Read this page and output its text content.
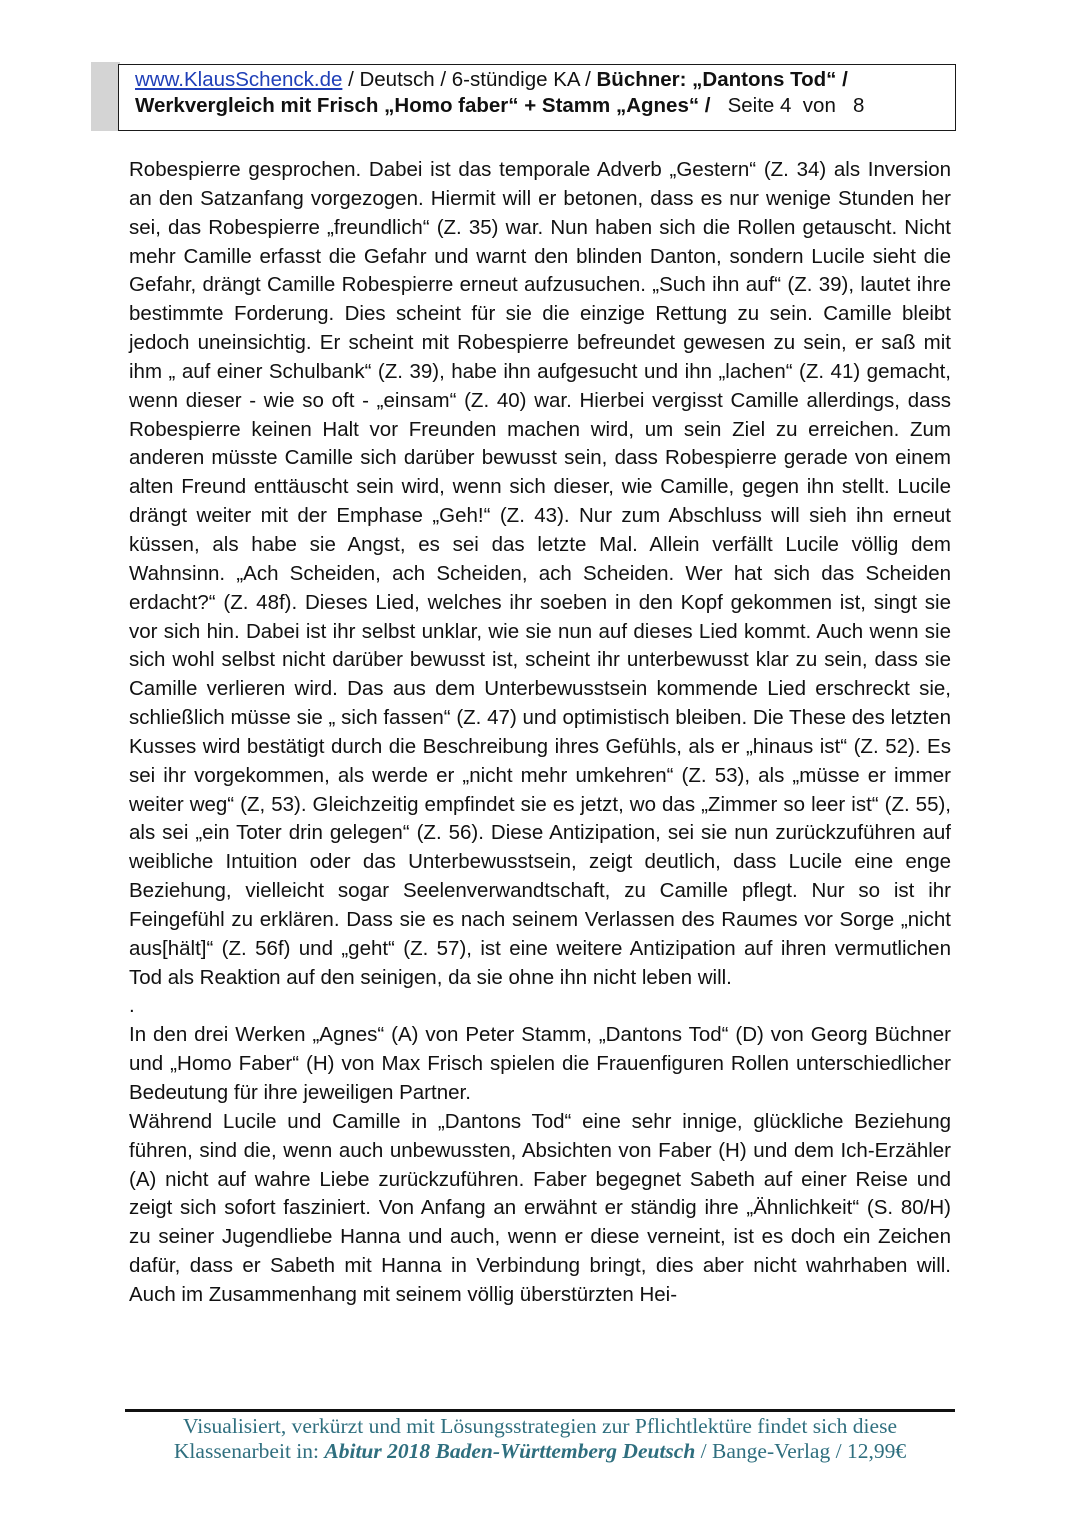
www.KlausSchenck.de / Deutsch / 6-stündige KA / Büchner: „Dantons Tod“ /
Werkvergleich mit Frisch „Homo faber“ + Stamm „Agnes“ /   Seite 4  von   8

Robespierre gesprochen. Dabei ist das temporale Adverb „Gestern“ (Z. 34) als Inversion an den Satzanfang vorgezogen. Hiermit will er betonen, dass es nur wenige Stunden her sei, das Robespierre „freundlich“ (Z. 35) war. Nun haben sich die Rollen getauscht. Nicht mehr Camille erfasst die Gefahr und warnt den blinden Danton, sondern Lucile sieht die Gefahr, drängt Camille Robespierre erneut aufzusuchen. „Such ihn auf“ (Z. 39), lautet ihre bestimmte Forderung. Dies scheint für sie die einzige Rettung zu sein. Camille bleibt jedoch uneinsichtig. Er scheint mit Robespierre befreundet gewesen zu sein, er saß mit ihm „ auf einer Schulbank“ (Z. 39), habe ihn aufgesucht und ihn „lachen“ (Z. 41) gemacht, wenn dieser - wie so oft - „einsam“ (Z. 40) war. Hierbei vergisst Camille allerdings, dass Robespierre keinen Halt vor Freunden machen wird, um sein Ziel zu erreichen. Zum anderen müsste Camille sich darüber bewusst sein, dass Robespierre gerade von einem alten Freund enttäuscht sein wird, wenn sich dieser, wie Camille, gegen ihn stellt. Lucile drängt weiter mit der Emphase „Geh!“ (Z. 43). Nur zum Abschluss will sieh ihn erneut küssen, als habe sie Angst, es sei das letzte Mal. Allein verfällt Lucile völlig dem Wahnsinn. „Ach Scheiden, ach Scheiden, ach Scheiden. Wer hat sich das Scheiden erdacht?“ (Z. 48f). Dieses Lied, welches ihr soeben in den Kopf gekommen ist, singt sie vor sich hin. Dabei ist ihr selbst unklar, wie sie nun auf dieses Lied kommt. Auch wenn sie sich wohl selbst nicht darüber bewusst ist, scheint ihr unterbewusst klar zu sein, dass sie Camille verlieren wird. Das aus dem Unterbewusstsein kommende Lied erschreckt sie, schließlich müsse sie „ sich fassen“ (Z. 47) und optimistisch bleiben. Die These des letzten Kusses wird bestätigt durch die Beschreibung ihres Gefühls, als er „hinaus ist“ (Z. 52). Es sei ihr vorgekommen, als werde er „nicht mehr umkehren“ (Z. 53), als „müsse er immer weiter weg“ (Z, 53). Gleichzeitig empfindet sie es jetzt, wo das „Zimmer so leer ist“ (Z. 55), als sei „ein Toter drin gelegen“ (Z. 56). Diese Antizipation, sei sie nun zurückzuführen auf weibliche Intuition oder das Unterbewusstsein, zeigt deutlich, dass Lucile eine enge Beziehung, vielleicht sogar Seelenverwandtschaft, zu Camille pflegt. Nur so ist ihr Feingefühl zu erklären. Dass sie es nach seinem Verlassen des Raumes vor Sorge „nicht aus[hält]“ (Z. 56f) und „geht“ (Z. 57), ist eine weitere Antizipation auf ihren vermutlichen Tod als Reaktion auf den seinigen, da sie ohne ihn nicht leben will.

.

In den drei Werken „Agnes“ (A) von Peter Stamm, „Dantons Tod“ (D) von Georg Büchner und „Homo Faber“ (H) von Max Frisch spielen die Frauenfiguren Rollen unterschiedlicher Bedeutung für ihre jeweiligen Partner.

Während Lucile und Camille in „Dantons Tod“ eine sehr innige, glückliche Beziehung führen, sind die, wenn auch unbewussten, Absichten von Faber (H) und dem Ich-Erzähler (A) nicht auf wahre Liebe zurückzuführen. Faber begegnet Sabeth auf einer Reise und zeigt sich sofort fasziniert. Von Anfang an erwähnt er ständig ihre „Ähnlichkeit“ (S. 80/H) zu seiner Jugendliebe Hanna und auch, wenn er diese verneint, ist es doch ein Zeichen dafür, dass er Sabeth mit Hanna in Verbindung bringt, dies aber nicht wahrhaben will. Auch im Zusammenhang mit seinem völlig überstürzten Hei-

Visualisiert, verkürzt und mit Lösungsstrategien zur Pflichtlektüre findet sich diese
Klassenarbeit in: Abitur 2018 Baden-Württemberg Deutsch / Bange-Verlag / 12,99€
